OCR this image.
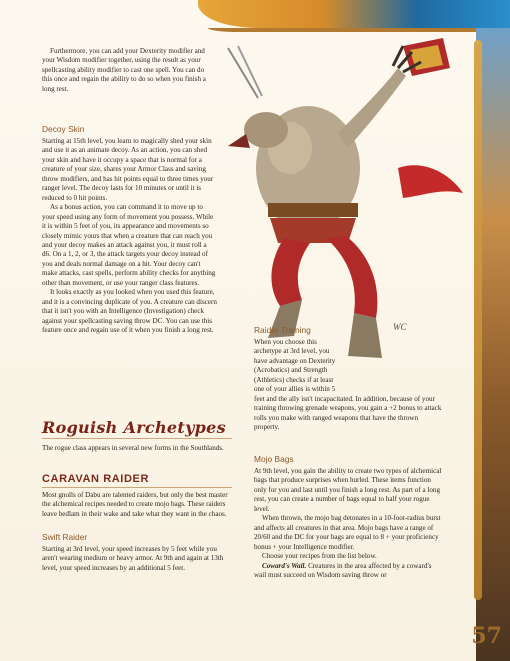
WC

Furthermore, you can add your Dexterity modifier and your Wisdom modifier together, using the result as your spellcasting ability modifier to cast one spell. You can do this once and regain the ability to do so when you finish a long rest.

Decoy Skin

Starting at 15th level, you learn to magically shed your skin and use it as an animate decoy. As an action, you can shed your skin and have it occupy a space that is normal for a creature of your size, shares your Armor Class and saving throw modifiers, and has hit points equal to three times your ranger level. The decoy lasts for 10 minutes or until it is reduced to 0 hit points.

As a bonus action, you can command it to move up to your speed using any form of movement you possess. While it is within 5 feet of you, its appearance and movements so closely mimic yours that when a creature that can reach you and your decoy makes an attack against you, it must roll a d6. On a 1, 2, or 3, the attack targets your decoy instead of you and deals normal damage on a hit. Your decoy can't make attacks, cast spells, perform ability checks for anything other than movement, or use your ranger class features.

It looks exactly as you looked when you used this feature, and it is a convincing duplicate of you. A creature can discern that it isn't you with an Intelligence (Investigation) check against your spellcasting saving throw DC. You can use this feature once and regain use of it when you finish a long rest.

Roguish Archetypes

The rogue class appears in several new forms in the Southlands.

CARAVAN RAIDER

Most gnolls of Dabu are talented raiders, but only the best master the alchemical recipes needed to create mojo bags. These raiders leave bedlam in their wake and take what they want in the chaos.

Swift Raider

Starting at 3rd level, your speed increases by 5 feet while you aren't wearing medium or heavy armor. At 9th and again at 13th level, your speed increases by an additional 5 feet.

Raider Training

When you choose this

archetype at 3rd level, you

have advantage on Dexterity

(Acrobatics) and Strength

(Athletics) checks if at least

one of your allies is within 5

feet and the ally isn't incapacitated. In addition, because of your training throwing grenade weapons, you gain a +2 bonus to attack rolls you make with ranged weapons that have the thrown property.

Mojo Bags

At 9th level, you gain the ability to create two types of alchemical bags that produce surprises when hurled. These items function only for you and last until you finish a long rest. As part of a long rest, you can create a number of bags equal to half your rogue level.

When thrown, the mojo bag detonates in a 10-foot-radius burst and affects all creatures in that area. Mojo bags have a range of 20/60 and the DC for your bags are equal to 8 + your proficiency bonus + your Intelligence modifier.

Choose your recipes from the list below.

Coward's Wail. Creatures in the area affected by a coward's wail must succeed on Wisdom saving throw or

57
